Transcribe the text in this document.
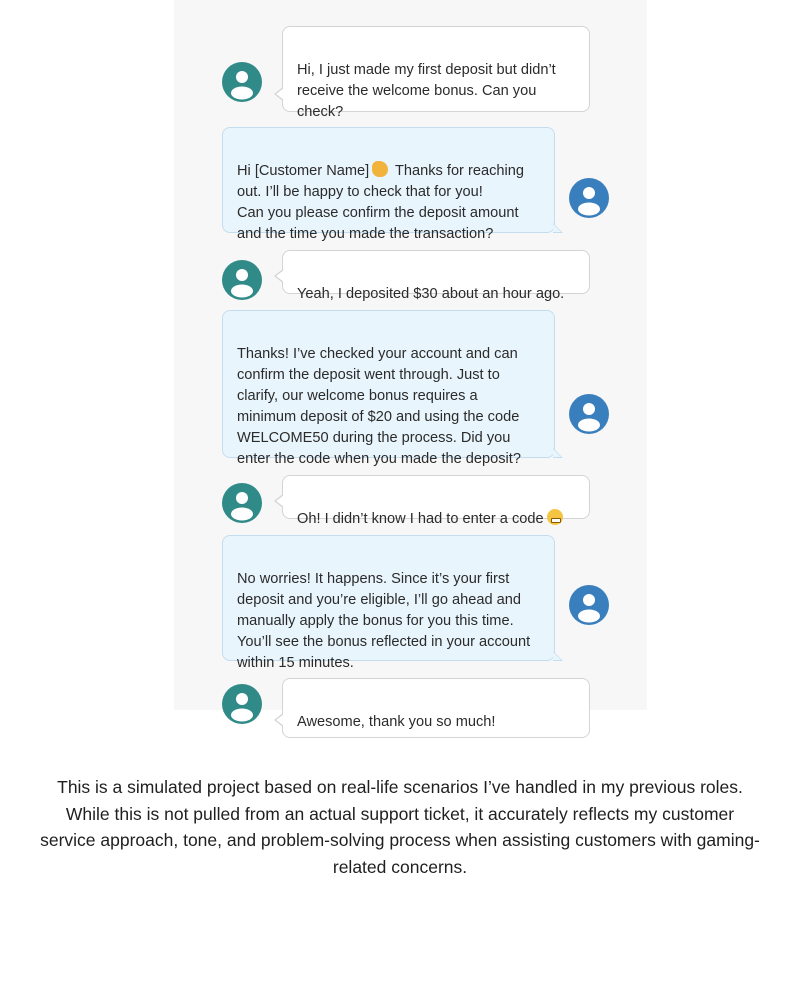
Hi, I just made my first deposit but didn’t
receive the welcome bonus. Can you
check?

Hi [Customer Name] Thanks for reaching
out. I’ll be happy to check that for you!
Can you please confirm the deposit amount
and the time you made the transaction?

Yeah, I deposited $30 about an hour ago.

Thanks! I’ve checked your account and can
confirm the deposit went through. Just to
clarify, our welcome bonus requires a
minimum deposit of $20 and using the code
WELCOME50 during the process. Did you
enter the code when you made the deposit?

Oh! I didn’t know I had to enter a code

No worries! It happens. Since it’s your first
deposit and you’re eligible, I’ll go ahead and
manually apply the bonus for you this time.
You’ll see the bonus reflected in your account
within 15 minutes.

Awesome, thank you so much!

This is a simulated project based on real-life scenarios I’ve handled in my previous roles. While this is not pulled from an actual support ticket, it accurately reflects my customer service approach, tone, and problem-solving process when assisting customers with gaming-related concerns.
